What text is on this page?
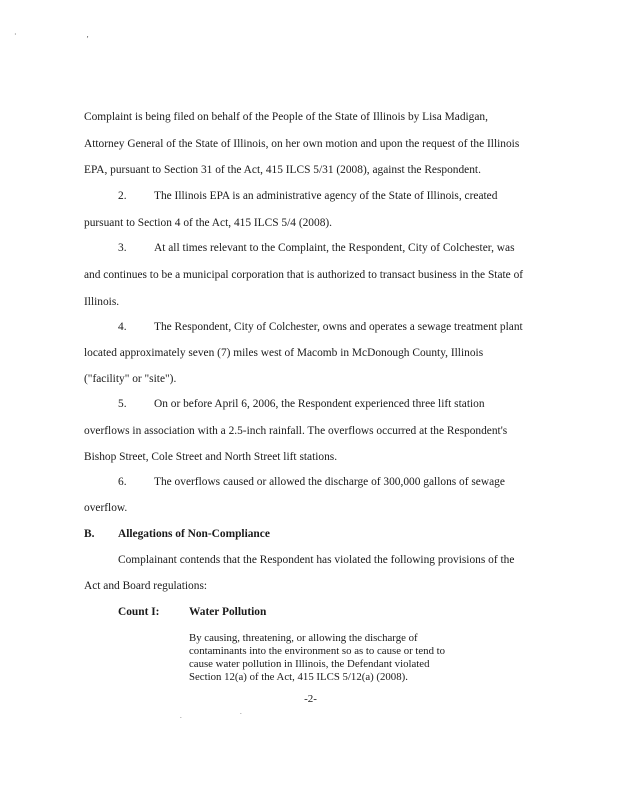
·           ,
Complaint is being filed on behalf of the People of the State of Illinois by Lisa Madigan,
Attorney General of the State of Illinois, on her own motion and upon the request of the Illinois
EPA, pursuant to Section 31 of the Act, 415 ILCS 5/31 (2008), against the Respondent.
2. The Illinois EPA is an administrative agency of the State of Illinois, created
pursuant to Section 4 of the Act, 415 ILCS 5/4 (2008).
3. At all times relevant to the Complaint, the Respondent, City of Colchester, was
and continues to be a municipal corporation that is authorized to transact business in the State of
Illinois.
4. The Respondent, City of Colchester, owns and operates a sewage treatment plant
located approximately seven (7) miles west of Macomb in McDonough County, Illinois
("facility" or "site").
5. On or before April 6, 2006, the Respondent experienced three lift station
overflows in association with a 2.5-inch rainfall. The overflows occurred at the Respondent's
Bishop Street, Cole Street and North Street lift stations.
6. The overflows caused or allowed the discharge of 300,000 gallons of sewage
overflow.
B. Allegations of Non-Compliance
Complainant contends that the Respondent has violated the following provisions of the
Act and Board regulations:
Count I:	Water Pollution
By causing, threatening, or allowing the discharge of
contaminants into the environment so as to cause or tend to
cause water pollution in Illinois, the Defendant violated
Section 12(a) of the Act, 415 ILCS 5/12(a) (2008).
-2-
.	.
